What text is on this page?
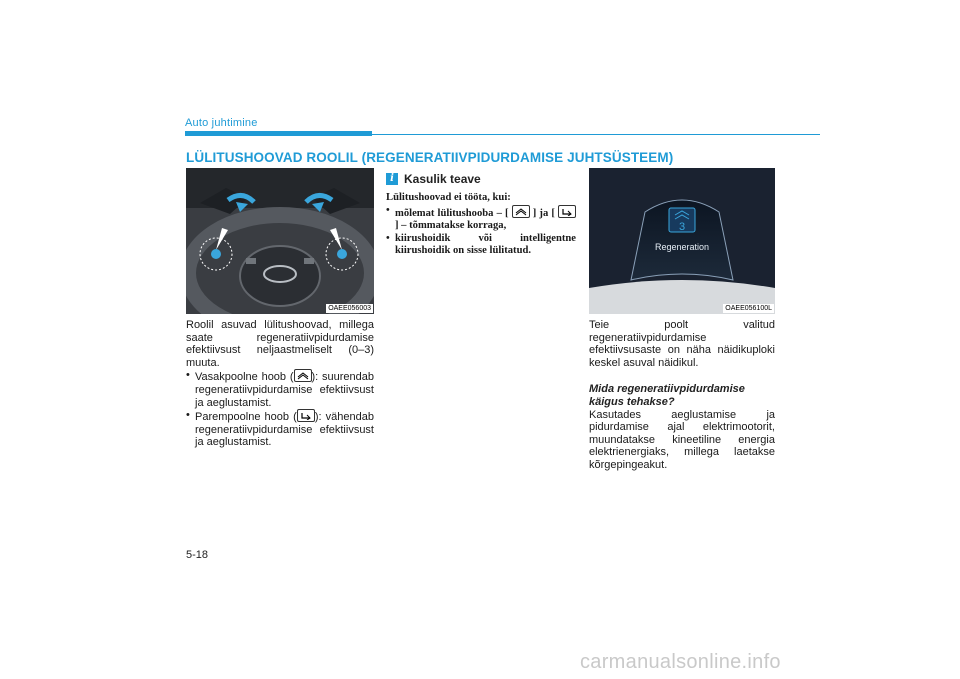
Auto juhtimine
LÜLITUSHOOVAD ROOLIL (REGENERATIIVPIDURDAMISE JUHTSÜSTEEM)
OAEE056003

Roolil asuvad lülitushoovad, millega saate regeneratiivpidurdamise efektiivsust neljaastmeliselt (0–3) muuta.

• Vasakpoolne hoob ( ): suurendab regeneratiivpidurdamise efektiivsust ja aeglustamist.
• Parempoolne hoob ( ): vähendab regeneratiivpidurdamise efektiivsust ja aeglustamist.
i Kasulik teave
Lülitushoovad ei tööta, kui:
• mõlemat lülitushooba – [ ] ja [
] – tõmmatakse korraga,
• kiirushoidik või intelligentne kiirushoidik on sisse lülitatud.
3
Regeneration
OAEE056100L

Teie poolt valitud regeneratiivpidurdamise efektiivsusaste on näha näidikuploki keskel asuval näidikul.

Mida regeneratiivpidurdamise käigus tehakse?

Kasutades aeglustamise ja pidurdamise ajal elektrimootorit, muundatakse kineetiline energia elektrienergiaks, millega laetakse kõrgepingeakut.

5-18
carmanualsonline.info
